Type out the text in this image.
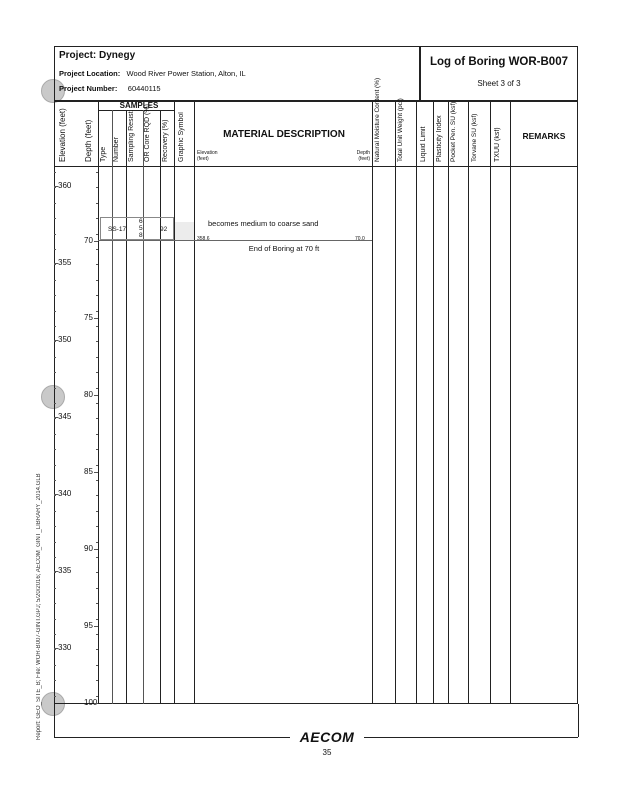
Report: GEO_SITE_B; File: WOR-B007-GINT.GPJ; 5/20/2016; AECOM_GINT_LIBRARY_2014.GLB
Project: Dynegy
Project Location: Wood River Power Station, Alton, IL
Project Number: 60440115
Log of Boring WOR-B007
Sheet 3 of 3
SAMPLES
Elevation (feet) Depth (feet) Type Number Sampling Resist. OR Core RQD (%) Recovery (%) Graphic Symbol	Natural Moisture Content (%) Total Unit Weight (pcf) Liquid Limit Plasticity Index Pocket Pen. SU (ksf) Torvane SU (ksf) TXUU (ksf)
MATERIAL DESCRIPTION
Elevation (feet)
Depth (feet)
REMARKS
360
355
350
345
340
335
330
70
75
80
85
90
95
100
SS-17
6
5
8
92
becomes medium to coarse sand
358.6	70.0
End of Boring at 70 ft
AECOM
35
